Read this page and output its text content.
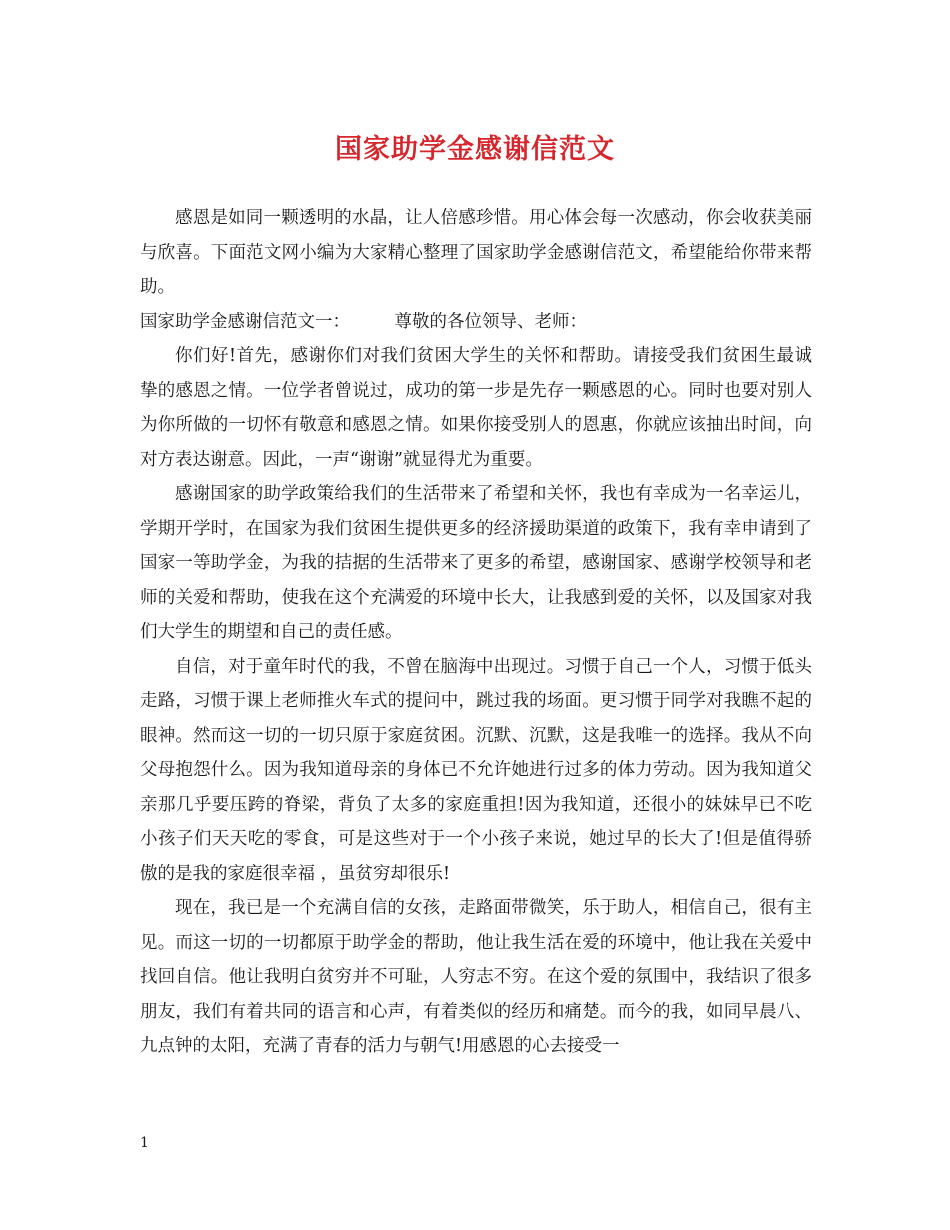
国家助学金感谢信范文

感恩是如同一颗透明的水晶，让人倍感珍惜。用心体会每一次感动，你会收获美丽与欣喜。下面范文网小编为大家精心整理了国家助学金感谢信范文，希望能给你带来帮助。

国家助学金感谢信范文一：        尊敬的各位领导、老师：

你们好!首先，感谢你们对我们贫困大学生的关怀和帮助。请接受我们贫困生最诚挚的感恩之情。一位学者曾说过，成功的第一步是先存一颗感恩的心。同时也要对别人为你所做的一切怀有敬意和感恩之情。如果你接受别人的恩惠，你就应该抽出时间，向对方表达谢意。因此，一声“谢谢”就显得尤为重要。

感谢国家的助学政策给我们的生活带来了希望和关怀，我也有幸成为一名幸运儿，学期开学时，在国家为我们贫困生提供更多的经济援助渠道的政策下，我有幸申请到了国家一等助学金，为我的拮据的生活带来了更多的希望，感谢国家、感谢学校领导和老师的关爱和帮助，使我在这个充满爱的环境中长大，让我感到爱的关怀，以及国家对我们大学生的期望和自己的责任感。

自信，对于童年时代的我，不曾在脑海中出现过。习惯于自己一个人，习惯于低头走路，习惯于课上老师推火车式的提问中，跳过我的场面。更习惯于同学对我瞧不起的眼神。然而这一切的一切只原于家庭贫困。沉默、沉默，这是我唯一的选择。我从不向父母抱怨什么。因为我知道母亲的身体已不允许她进行过多的体力劳动。因为我知道父亲那几乎要压跨的脊梁，背负了太多的家庭重担!因为我知道，还很小的妹妹早已不吃小孩子们天天吃的零食，可是这些对于一个小孩子来说，她过早的长大了!但是值得骄傲的是我的家庭很幸福 ，虽贫穷却很乐!

现在，我已是一个充满自信的女孩，走路面带微笑，乐于助人，相信自己，很有主见。而这一切的一切都原于助学金的帮助，他让我生活在爱的环境中，他让我在关爱中找回自信。他让我明白贫穷并不可耻，人穷志不穷。在这个爱的氛围中，我结识了很多朋友，我们有着共同的语言和心声，有着类似的经历和痛楚。而今的我，如同早晨八、九点钟的太阳，充满了青春的活力与朝气!用感恩的心去接受一

1
